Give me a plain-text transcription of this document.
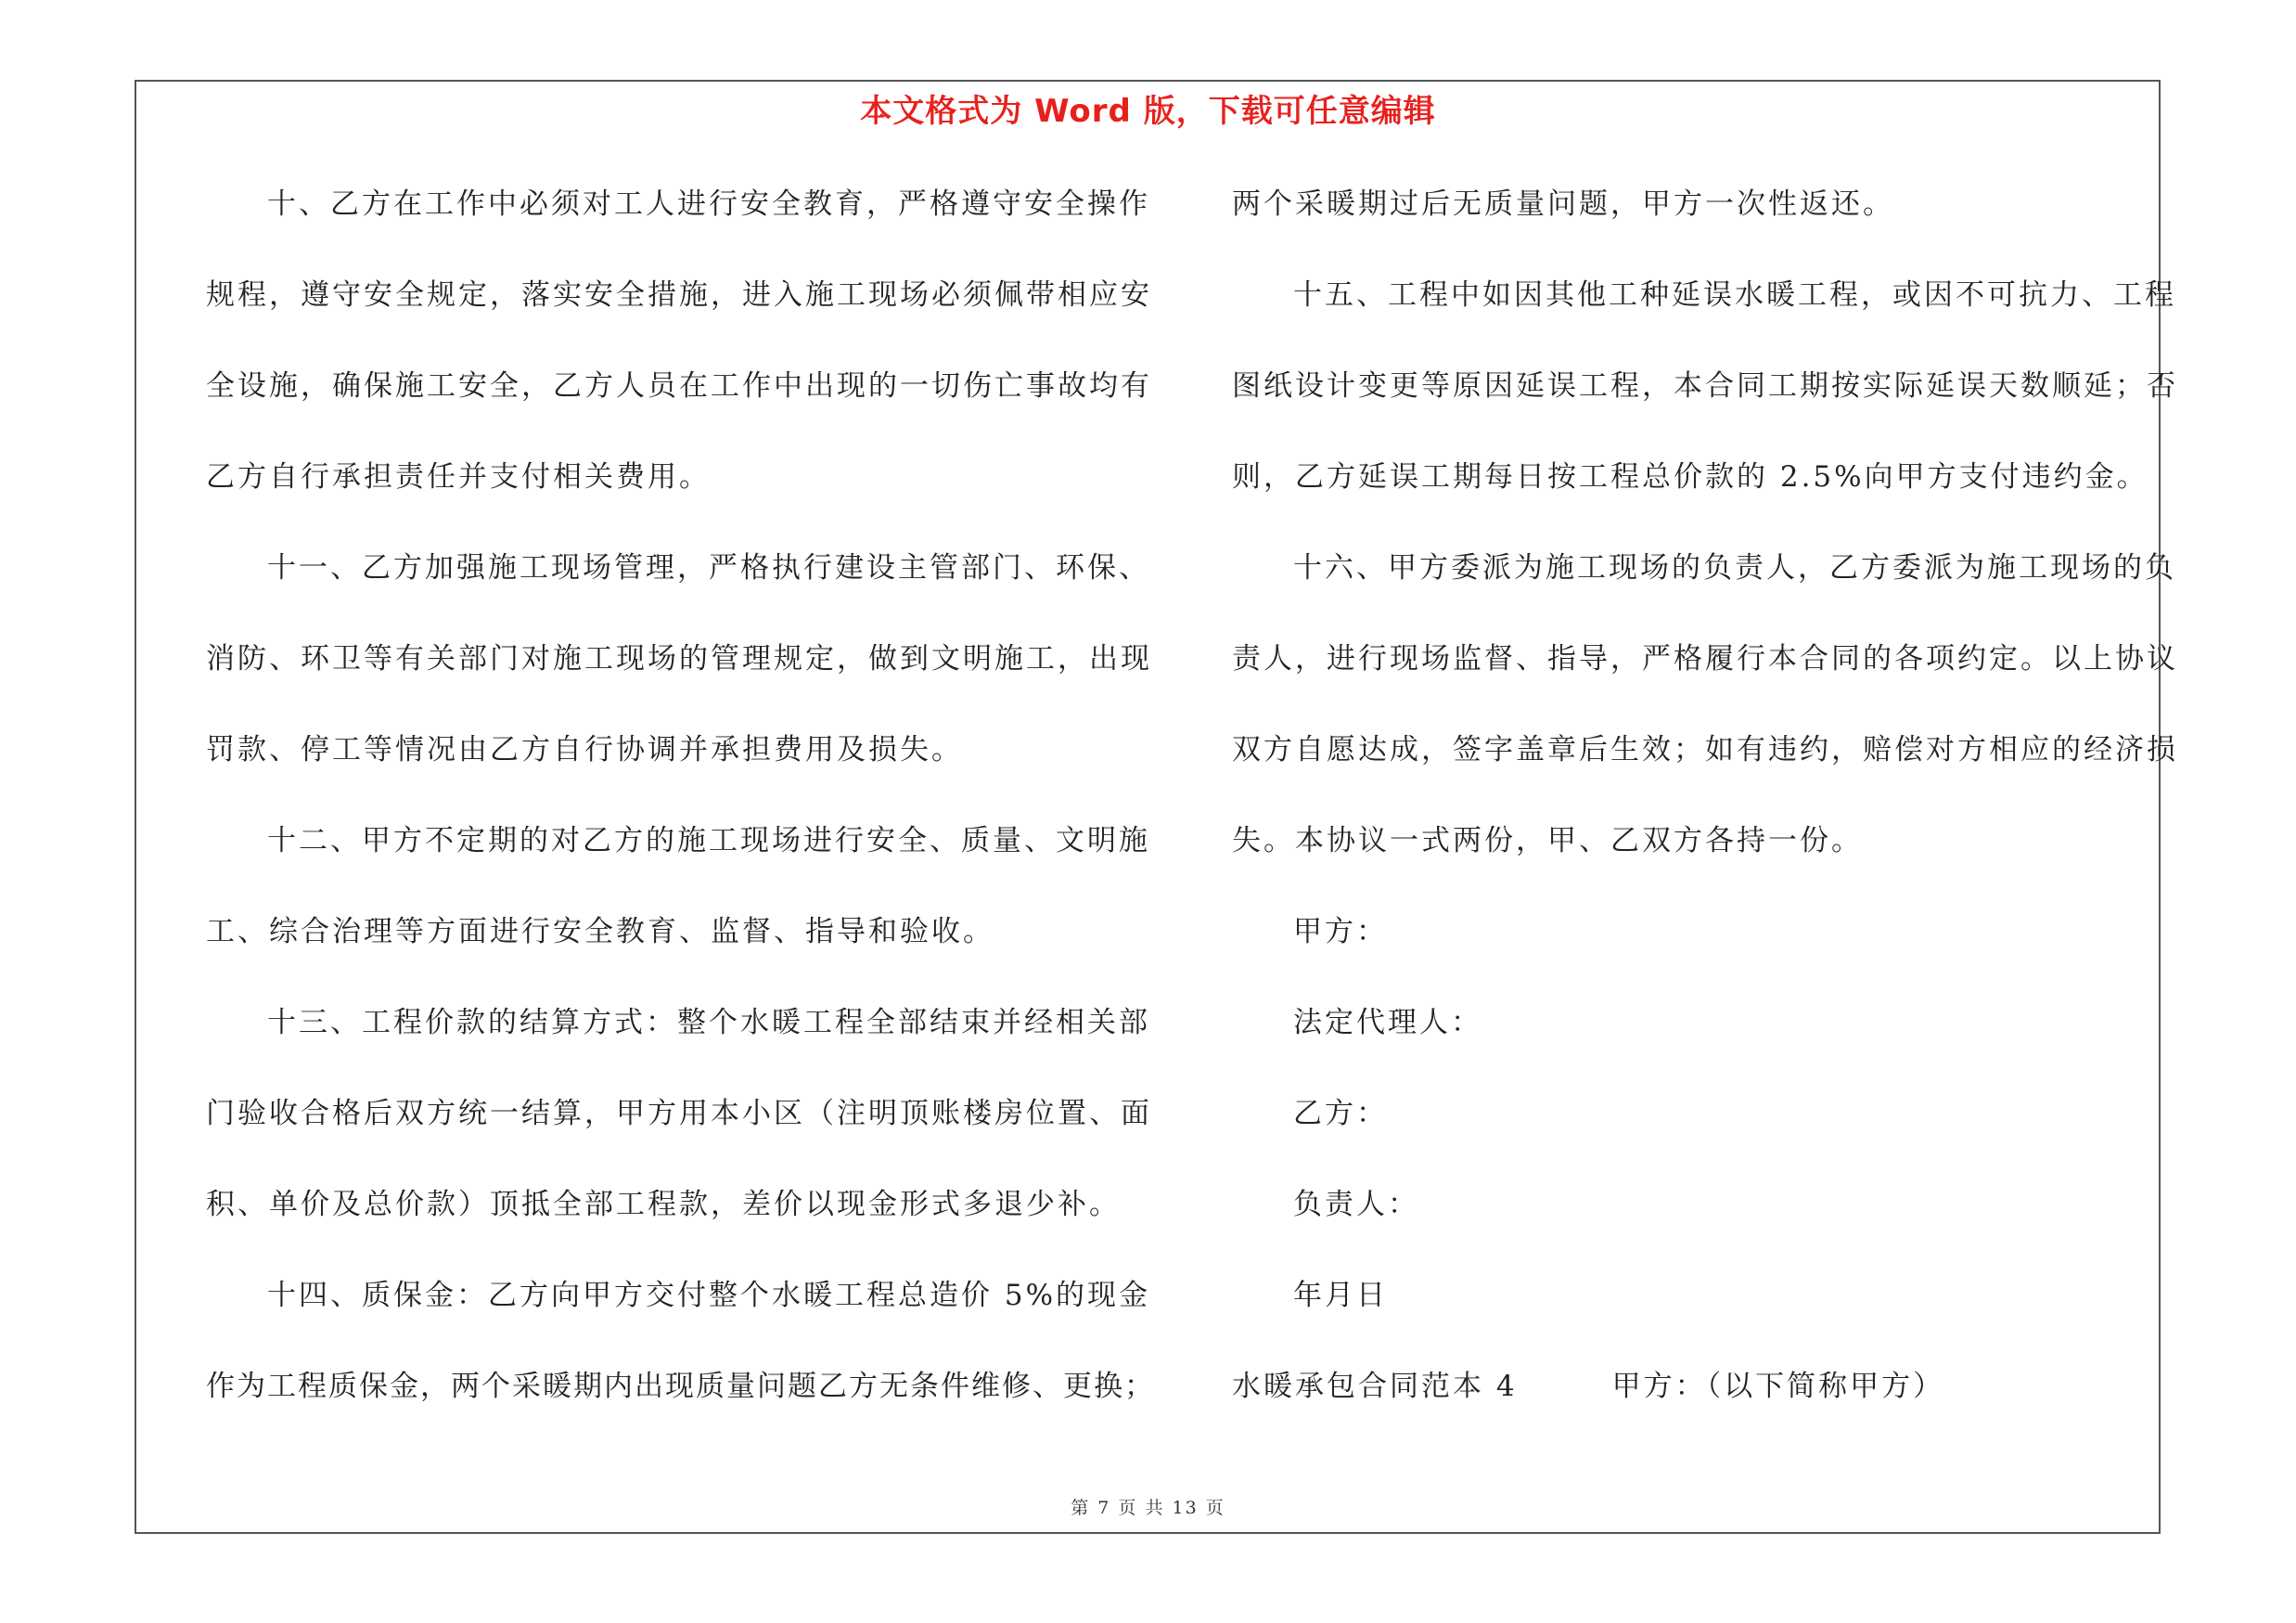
本文格式为 Word 版，下载可任意编辑
十、乙方在工作中必须对工人进行安全教育，严格遵守安全操作
规程，遵守安全规定，落实安全措施，进入施工现场必须佩带相应安
全设施，确保施工安全，乙方人员在工作中出现的一切伤亡事故均有
乙方自行承担责任并支付相关费用。
十一、乙方加强施工现场管理，严格执行建设主管部门、环保、
消防、环卫等有关部门对施工现场的管理规定，做到文明施工，出现
罚款、停工等情况由乙方自行协调并承担费用及损失。
十二、甲方不定期的对乙方的施工现场进行安全、质量、文明施
工、综合治理等方面进行安全教育、监督、指导和验收。
十三、工程价款的结算方式：整个水暖工程全部结束并经相关部
门验收合格后双方统一结算，甲方用本小区（注明顶账楼房位置、面
积、单价及总价款）顶抵全部工程款，差价以现金形式多退少补。
十四、质保金：乙方向甲方交付整个水暖工程总造价 5%的现金
作为工程质保金，两个采暖期内出现质量问题乙方无条件维修、更换；
两个采暖期过后无质量问题，甲方一次性返还。
十五、工程中如因其他工种延误水暖工程，或因不可抗力、工程
图纸设计变更等原因延误工程，本合同工期按实际延误天数顺延；否
则，乙方延误工期每日按工程总价款的 2.5%向甲方支付违约金。
十六、甲方委派为施工现场的负责人，乙方委派为施工现场的负
责人，进行现场监督、指导，严格履行本合同的各项约定。以上协议
双方自愿达成，签字盖章后生效；如有违约，赔偿对方相应的经济损
失。本协议一式两份，甲、乙双方各持一份。
甲方：
法定代理人：
乙方：
负责人：
年月日
水暖承包合同范本 4　　　甲方：（以下简称甲方）
第 7 页 共 13 页
